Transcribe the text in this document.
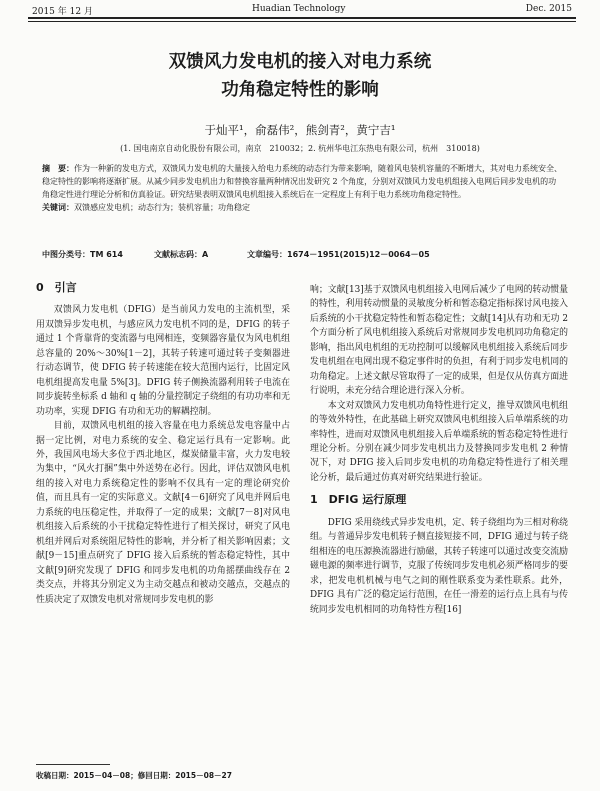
2015 年 12 月	Huadian Technology	Dec. 2015
双馈风力发电机的接入对电力系统
功角稳定特性的影响
于灿平¹，俞磊伟²，熊剑青²，黄宁吉¹
(1. 国电南京自动化股份有限公司，南京　210032；2. 杭州华电江东热电有限公司，杭州　310018)

摘　要：作为一种新的发电方式，双馈风力发电机的大量接入给电力系统的动态行为带来影响，随着风电装机容量的不断增大，其对电力系统安全、稳定特性的影响将逐渐扩展。从减少同步发电机出力和替换容量两种情况出发研究 2 个角度，分别对双馈风力发电机组接入电网后同步发电机的功角稳定性进行理论分析和仿真验证。研究结果表明双馈风电机组接入系统后在一定程度上有利于电力系统功角稳定特性。

关键词：双馈感应发电机；动态行为；装机容量；功角稳定

中图分类号：TM 614	文献标志码：A	文章编号：1674－1951(2015)12－0064－05
0　引言

双馈风力发电机（DFIG）是当前风力发电的主流机型，采用双馈异步发电机，与感应风力发电机不同的是，DFIG 的转子通过 1 个背靠背的变流器与电网相连，变频器容量仅为风电机组总容量的 20%～30%[1－2]，其转子转速可通过转子变频器进行动态调节，使 DFIG 转子转速能在较大范围内运行，比固定风电机组提高发电量 5%[3]。DFIG 转子侧换流器利用转子电流在同步旋转坐标系 d 轴和 q 轴的分量控制定子绕组的有功功率和无功功率，实现 DFIG 有功和无功的解耦控制。

目前，双馈风电机组的接入容量在电力系统总发电容量中占据一定比例，对电力系统的安全、稳定运行具有一定影响。此外，我国风电场大多位于西北地区，煤炭储量丰富，火力发电较为集中，“风火打捆”集中外送势在必行。因此，评估双馈风电机组的接入对电力系统稳定性的影响不仅具有一定的理论研究价值，而且具有一定的实际意义。文献[4－6]研究了风电并网后电力系统的电压稳定性，并取得了一定的成果；文献[7－8]对风电机组接入后系统的小干扰稳定特性进行了相关探讨，研究了风电机组并网后对系统阻尼特性的影响，并分析了相关影响因素；文献[9－15]重点研究了 DFIG 接入后系统的暂态稳定特性，其中文献[9]研究发现了 DFIG 和同步发电机的功角摇摆曲线存在 2 类交点，并将其分别定义为主动交越点和被动交越点，交越点的性质决定了双馈发电机对常规同步发电机的影

响；文献[13]基于双馈风电机组接入电网后减少了电网的转动惯量的特性，利用转动惯量的灵敏度分析和暂态稳定指标探讨风电接入后系统的小干扰稳定特性和暂态稳定性；文献[14]从有功和无功 2 个方面分析了风电机组接入系统后对常规同步发电机同功角稳定的影响，指出风电机组的无功控制可以缓解风电机组接入系统后同步发电机组在电网出现不稳定事件时的负担，有利于同步发电机同的功角稳定。上述文献尽管取得了一定的成果，但是仅从仿真方面进行说明，未充分结合理论进行深入分析。

本文对双馈风力发电机功角特性进行定义，推导双馈风电机组的等效外特性，在此基础上研究双馈风电机组接入后单端系统的功率特性，进而对双馈风电机组接入后单端系统的暂态稳定特性进行理论分析。分别在减少同步发电机出力及替换同步发电机 2 种情况下，对 DFIG 接入后同步发电机的功角稳定特性进行了相关理论分析，最后通过仿真对研究结果进行验证。

1　DFIG 运行原理

DFIG 采用绕线式异步发电机，定、转子绕组均为三相对称绕组。与普通异步发电机转子侧直接短接不同，DFIG 通过与转子绕组相连的电压源换流器进行励磁，其转子转速可以通过改变交流励磁电源的频率进行调节，克服了传统同步发电机必须严格同步的要求，把发电机机械与电气之间的刚性联系变为柔性联系。此外，DFIG 具有广泛的稳定运行范围，在任一滑差的运行点上具有与传统同步发电机相同的功角特性方程[16]

收稿日期：2015－04－08；修回日期：2015－08－27
